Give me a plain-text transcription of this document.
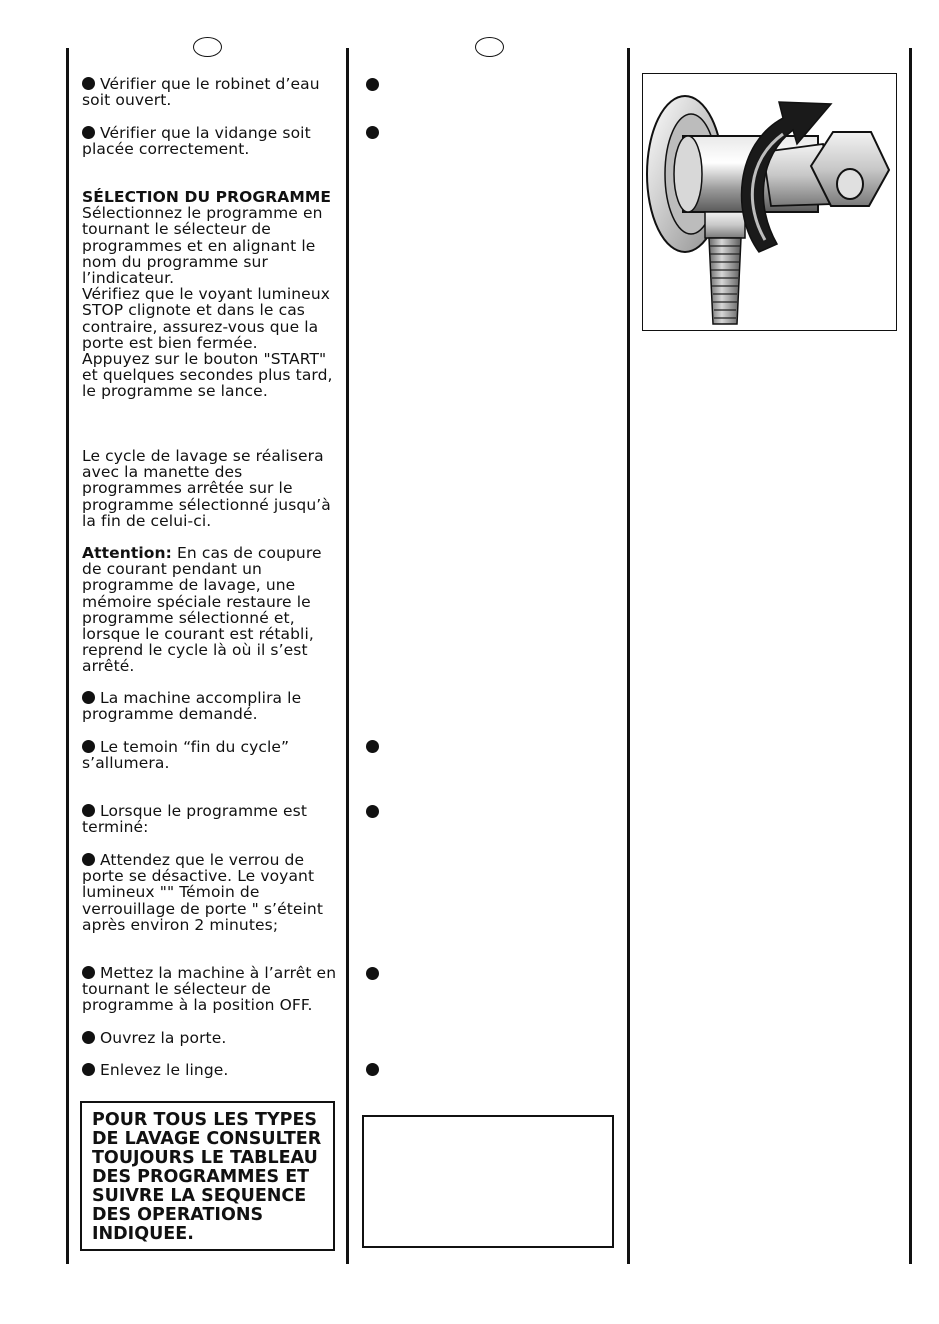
Vérifier que le robinet d’eau soit ouvert.
Vérifier que la vidange soit placée correctement.

SÉLECTION DU PROGRAMME

Sélectionnez le programme en tournant le sélecteur de programmes et en alignant le nom du programme sur l’indicateur.

Vérifiez que le voyant lumineux STOP clignote et dans le cas contraire, assurez-vous que la porte est bien fermée.

Appuyez sur le bouton "START" et quelques secondes plus tard, le programme se lance.

Le cycle de lavage se réalisera avec la manette des programmes arrêtée sur le programme sélectionné jusqu’à la fin de celui-ci.

Attention: En cas de coupure de courant pendant un programme de lavage, une mémoire spéciale restaure le programme sélectionné et, lorsque le courant est rétabli, reprend le cycle là où il s’est arrêté.

La machine accomplira le programme demandé.
Le temoin “fin du cycle” s’allumera.
Lorsque le programme est terminé:
Attendez que le verrou de porte se désactive. Le voyant lumineux "" Témoin de verrouillage de porte " s’éteint après environ 2 minutes;
Mettez la machine à l’arrêt en tournant le sélecteur de programme à la position OFF.
Ouvrez la porte.
Enlevez le linge.
POUR TOUS LES TYPES DE LAVAGE CONSULTER TOUJOURS LE TABLEAU DES PROGRAMMES ET SUIVRE LA SEQUENCE DES OPERATIONS INDIQUEE.
